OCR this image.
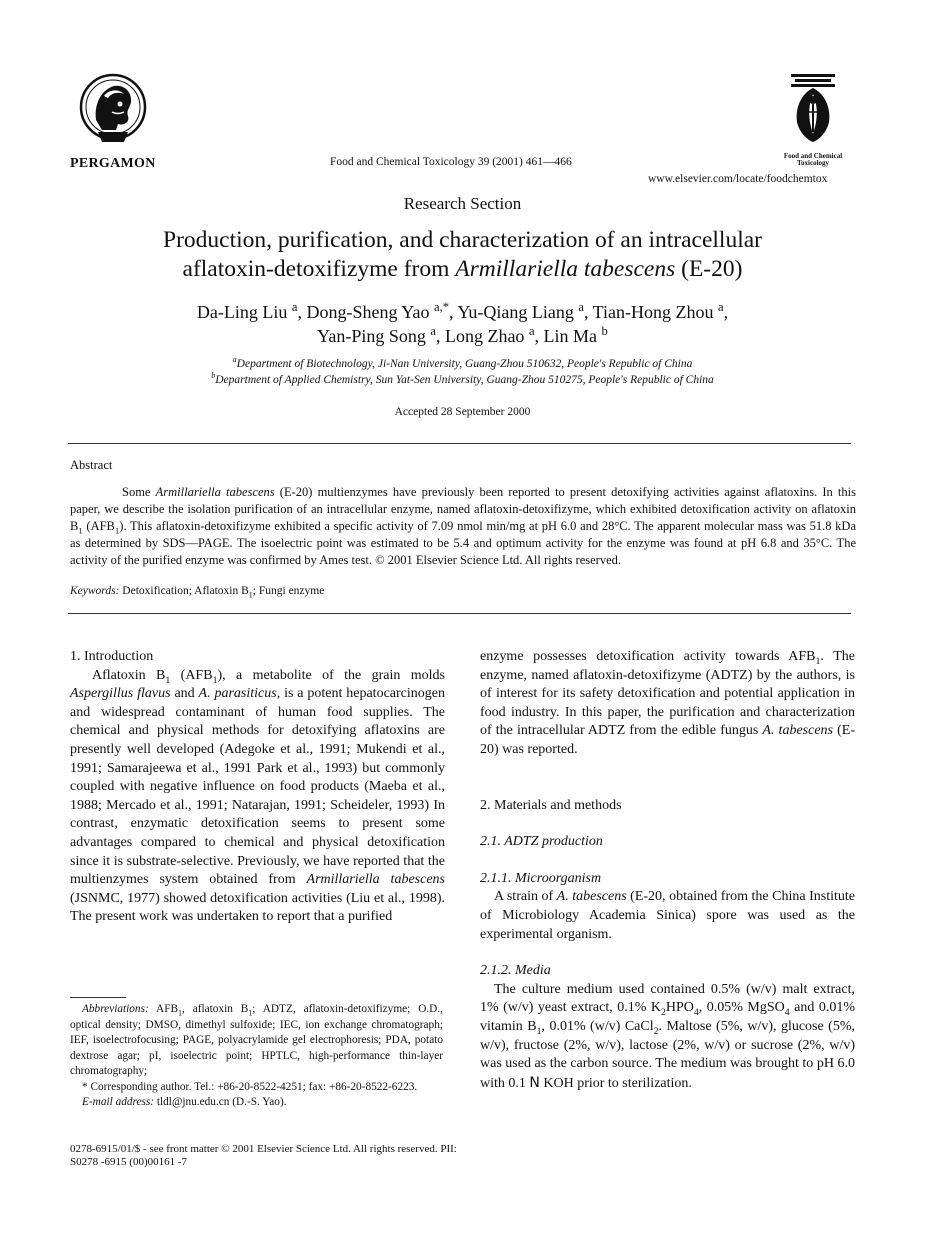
PERGAMON	Food and Chemical Toxicology 39 (2001) 461—466	Food and Chemical Toxicology
www.elsevier.com/locate/foodchemtox
Research Section
Production, purification, and characterization of an intracellular
aflatoxin-detoxifizyme from Armillariella tabescens (E-20)
Da-Ling Liu $^a$, Dong-Sheng Yao $^{a,*}$, Yu-Qiang Liang $^a$, Tian-Hong Zhou $^a$,
Yan-Ping Song $^a$, Long Zhao $^a$, Lin Ma $^b$
$^a$Department of Biotechnology, Ji-Nan University, Guang-Zhou 510632, People's Republic of China
$^b$Department of Applied Chemistry, Sun Yat-Sen University, Guang-Zhou 510275, People's Republic of China
Accepted 28 September 2000
Abstract

Some Armillariella tabescens (E-20) multienzymes have previously been reported to present detoxifying activities against aflatoxins. In this paper, we describe the isolation purification of an intracellular enzyme, named aflatoxin-detoxifizyme, which exhibited detoxification activity on aflatoxin $B_1$ $(AFB_1)$. This aflatoxin-detoxifizyme exhibited a specific activity of 7.09 nmol min/mg at pH 6.0 and 28°C. The apparent molecular mass was 51.8 kDa as determined by SDS—PAGE. The isoelectric point was estimated to be 5.4 and optimum activity for the enzyme was found at pH 6.8 and 35°C. The activity of the purified enzyme was confirmed by Ames test. © 2001 Elsevier Science Ltd. All rights reserved.

Keywords: Detoxification; Aflatoxin $B_1$; Fungi enzyme

1. Introduction

Aflatoxin $B_1$ $(AFB_1)$, a metabolite of the grain molds Aspergillus flavus and A. parasiticus, is a potent hepatocarcinogen and widespread contaminant of human food supplies. The chemical and physical methods for detoxifying aflatoxins are presently well developed (Adegoke et al., 1991; Mukendi et al., 1991; Samarajeewa et al., 1991 Park et al., 1993) but commonly coupled with negative influence on food products (Maeba et al., 1988; Mercado et al., 1991; Natarajan, 1991; Scheideler, 1993) In contrast, enzymatic detoxification seems to present some advantages compared to chemical and physical detoxification since it is substrate-selective. Previously, we have reported that the multienzymes system obtained from Armillariella tabescens (JSNMC, 1977) showed detoxification activities (Liu et al., 1998). The present work was undertaken to report that a purified

Abbreviations: $AFB_1$, aflatoxin $B_1$; ADTZ, aflatoxin-detoxifizyme; O.D., optical density; DMSO, dimethyl sulfoxide; IEC, ion exchange chromatograph; IEF, isoelectrofocusing; PAGE, polyacrylamide gel electrophoresis; PDA, potato dextrose agar; pI, isoelectric point; HPTLC, high-performance thin-layer chromatography;

* Corresponding author. Tel.: +86-20-8522-4251; fax: +86-20-8522-6223.

E-mail address: tldl@jnu.edu.cn (D.-S. Yao).

enzyme possesses detoxification activity towards $AFB_1$. The enzyme, named aflatoxin-detoxifizyme (ADTZ) by the authors, is of interest for its safety detoxification and potential application in food industry. In this paper, the purification and characterization of the intracellular ADTZ from the edible fungus A. tabescens (E-20) was reported.

2. Materials and methods

2.1. ADTZ production

2.1.1. Microorganism

A strain of A. tabescens (E-20, obtained from the China Institute of Microbiology Academia Sinica) spore was used as the experimental organism.

2.1.2. Media

The culture medium used contained 0.5% (w/v) malt extract, 1% (w/v) yeast extract, 0.1% $K_2HPO_4$, 0.05% MgSO$_4$ and 0.01% vitamin $B_1$, 0.01% (w/v) CaCl$_2$. Maltose (5%, w/v), glucose (5%, w/v), fructose (2%, w/v), lactose (2%, w/v) or sucrose (2%, w/v) was used as the carbon source. The medium was brought to pH 6.0 with 0.1 N KOH prior to sterilization.

0278-6915/01/$ - see front matter © 2001 Elsevier Science Ltd. All rights reserved. PII:
S0278 -6915 (00)00161 -7
